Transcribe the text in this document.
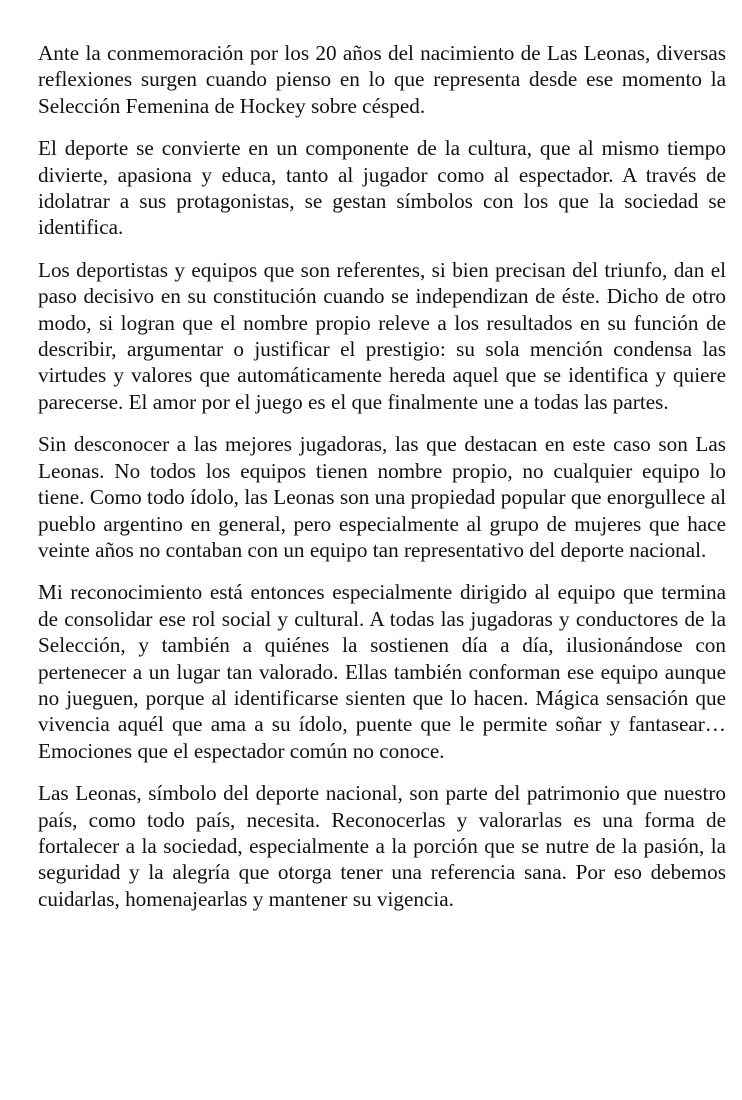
Ante la conmemoración por los 20 años del nacimiento de Las Leonas, diversas reflexiones surgen cuando pienso en lo que representa desde ese momento la Selección Femenina de Hockey sobre césped.

El deporte se convierte en un componente de la cultura, que al mismo tiempo divierte, apasiona y educa, tanto al jugador como al espectador. A través de idolatrar a sus protagonistas, se gestan símbolos con los que la sociedad se identifica.

Los deportistas y equipos que son referentes, si bien precisan del triunfo, dan el paso decisivo en su constitución cuando se independizan de éste. Dicho de otro modo, si logran que el nombre propio releve a los resultados en su función de describir, argumentar o justificar el prestigio: su sola mención condensa las virtudes y valores que automáticamente hereda aquel que se identifica y quiere parecerse. El amor por el juego es el que finalmente une a todas las partes.

Sin desconocer a las mejores jugadoras, las que destacan en este caso son Las Leonas. No todos los equipos tienen nombre propio, no cualquier equipo lo tiene. Como todo ídolo, las Leonas son una propiedad popular que enorgullece al pueblo argentino en general, pero especialmente al grupo de mujeres que hace veinte años no contaban con un equipo tan representativo del deporte nacional.

Mi reconocimiento está entonces especialmente dirigido al equipo que termina de consolidar ese rol social y cultural. A todas las jugadoras y conductores de la Selección, y también a quiénes la sostienen día a día, ilusionándose con pertenecer a un lugar tan valorado. Ellas también conforman ese equipo aunque no jueguen, porque al identificarse sienten que lo hacen. Mágica sensación que vivencia aquél que ama a su ídolo, puente que le permite soñar y fantasear… Emociones que el espectador común no conoce.

Las Leonas, símbolo del deporte nacional, son parte del patrimonio que nuestro país, como todo país, necesita. Reconocerlas y valorarlas es una forma de fortalecer a la sociedad, especialmente a la porción que se nutre de la pasión, la seguridad y la alegría que otorga tener una referencia sana. Por eso debemos cuidarlas, homenajearlas y mantener su vigencia.
